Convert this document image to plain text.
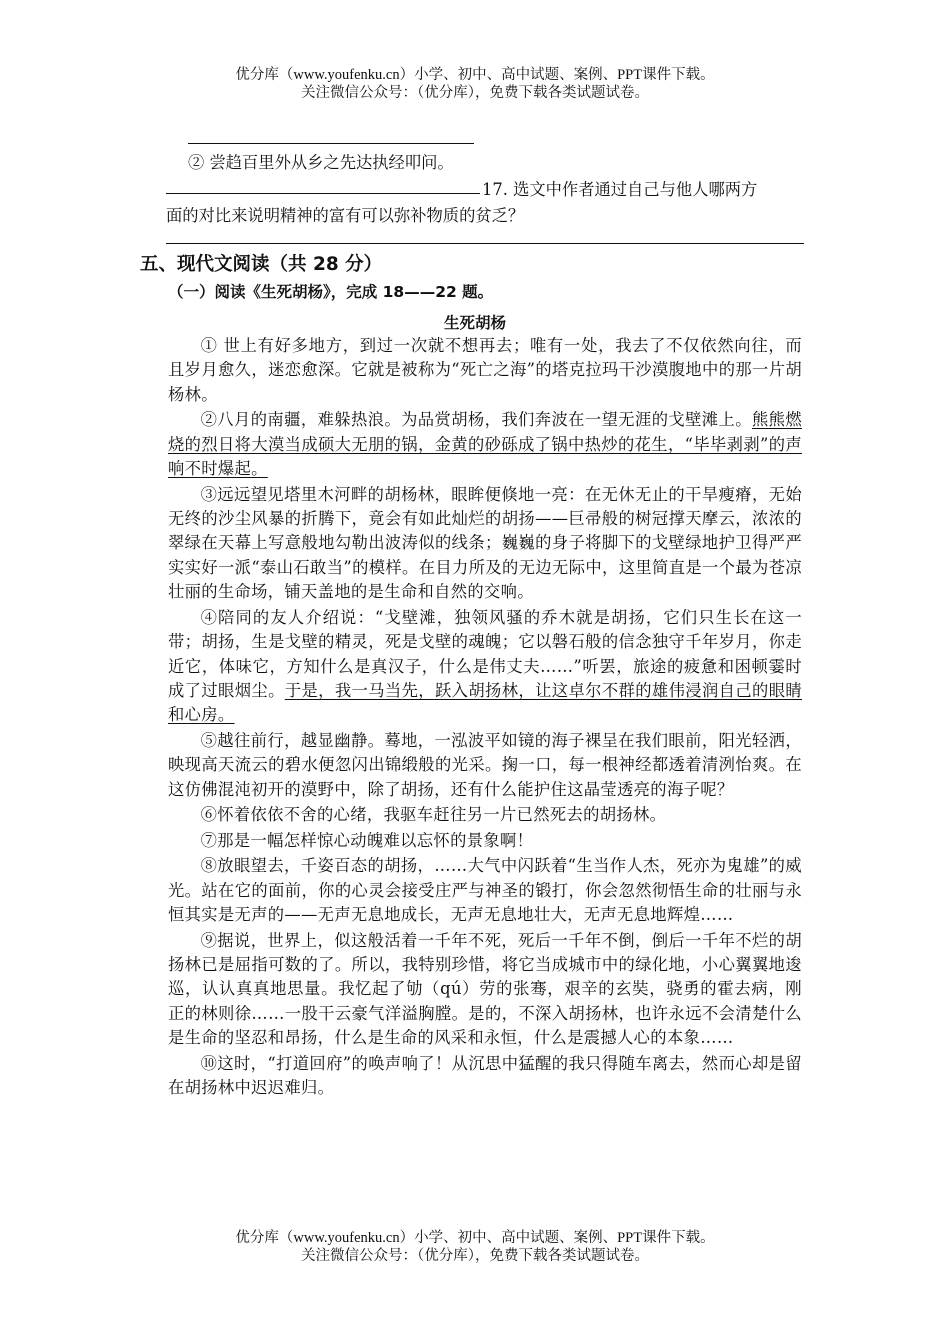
优分库（www.youfenku.cn）小学、初中、高中试题、案例、PPT课件下载。
关注微信公众号：（优分库），免费下载各类试题试卷。
② 尝趋百里外从乡之先达执经叩问。
17. 选文中作者通过自己与他人哪两方
面的对比来说明精神的富有可以弥补物质的贫乏？
五、现代文阅读（共 28 分）
（一）阅读《生死胡杨》，完成 18——22 题。
生死胡杨

① 世上有好多地方，到过一次就不想再去；唯有一处，我去了不仅依然向往，而且岁月愈久，迷恋愈深。它就是被称为“死亡之海”的塔克拉玛干沙漠腹地中的那一片胡杨林。

②八月的南疆，难躲热浪。为品赏胡杨，我们奔波在一望无涯的戈壁滩上。熊熊燃烧的烈日将大漠当成硕大无朋的锅，金黄的砂砾成了锅中热炒的花生，“毕毕剥剥”的声响不时爆起。

③远远望见塔里木河畔的胡杨林，眼眸便倏地一亮：在无休无止的干旱瘦瘠，无始无终的沙尘风暴的折腾下，竟会有如此灿烂的胡扬——巨帚般的树冠撑天摩云，浓浓的翠绿在天幕上写意般地勾勒出波涛似的线条；巍巍的身子将脚下的戈壁绿地护卫得严严实实好一派“泰山石敢当”的模样。在目力所及的无边无际中，这里简直是一个最为苍凉壮丽的生命场，铺天盖地的是生命和自然的交响。

④陪同的友人介绍说：“戈壁滩，独领风骚的乔木就是胡扬，它们只生长在这一带；胡扬，生是戈壁的精灵，死是戈壁的魂魄；它以磐石般的信念独守千年岁月，你走近它，体味它，方知什么是真汉子，什么是伟丈夫……”听罢，旅途的疲惫和困顿霎时成了过眼烟尘。于是，我一马当先，跃入胡扬林，让这卓尔不群的雄伟浸润自己的眼睛和心房。

⑤越往前行，越显幽静。蓦地，一泓波平如镜的海子裸呈在我们眼前，阳光轻洒，映现高天流云的碧水便忽闪出锦缎般的光采。掬一口，每一根神经都透着清洌怡爽。在这仿佛混沌初开的漠野中，除了胡扬，还有什么能护住这晶莹透亮的海子呢？

⑥怀着依依不舍的心绪，我驱车赶往另一片已然死去的胡扬林。

⑦那是一幅怎样惊心动魄难以忘怀的景象啊！

⑧放眼望去，千姿百态的胡扬，……大气中闪跃着“生当作人杰，死亦为鬼雄”的威光。站在它的面前，你的心灵会接受庄严与神圣的锻打，你会忽然彻悟生命的壮丽与永恒其实是无声的——无声无息地成长，无声无息地壮大，无声无息地辉煌……

⑨据说，世界上，似这般活着一千年不死，死后一千年不倒，倒后一千年不烂的胡扬林已是屈指可数的了。所以，我特别珍惜，将它当成城市中的绿化地，小心翼翼地逡巡，认认真真地思量。我忆起了劬（qú）劳的张骞，艰辛的玄奘，骁勇的霍去病，刚正的林则徐……一股干云豪气洋溢胸膛。是的，不深入胡扬林，也许永远不会清楚什么是生命的坚忍和昂扬，什么是生命的风采和永恒，什么是震撼人心的本象……

⑩这时，“打道回府”的唤声响了！从沉思中猛醒的我只得随车离去，然而心却是留在胡扬林中迟迟难归。

优分库（www.youfenku.cn）小学、初中、高中试题、案例、PPT课件下载。
关注微信公众号：（优分库），免费下载各类试题试卷。
